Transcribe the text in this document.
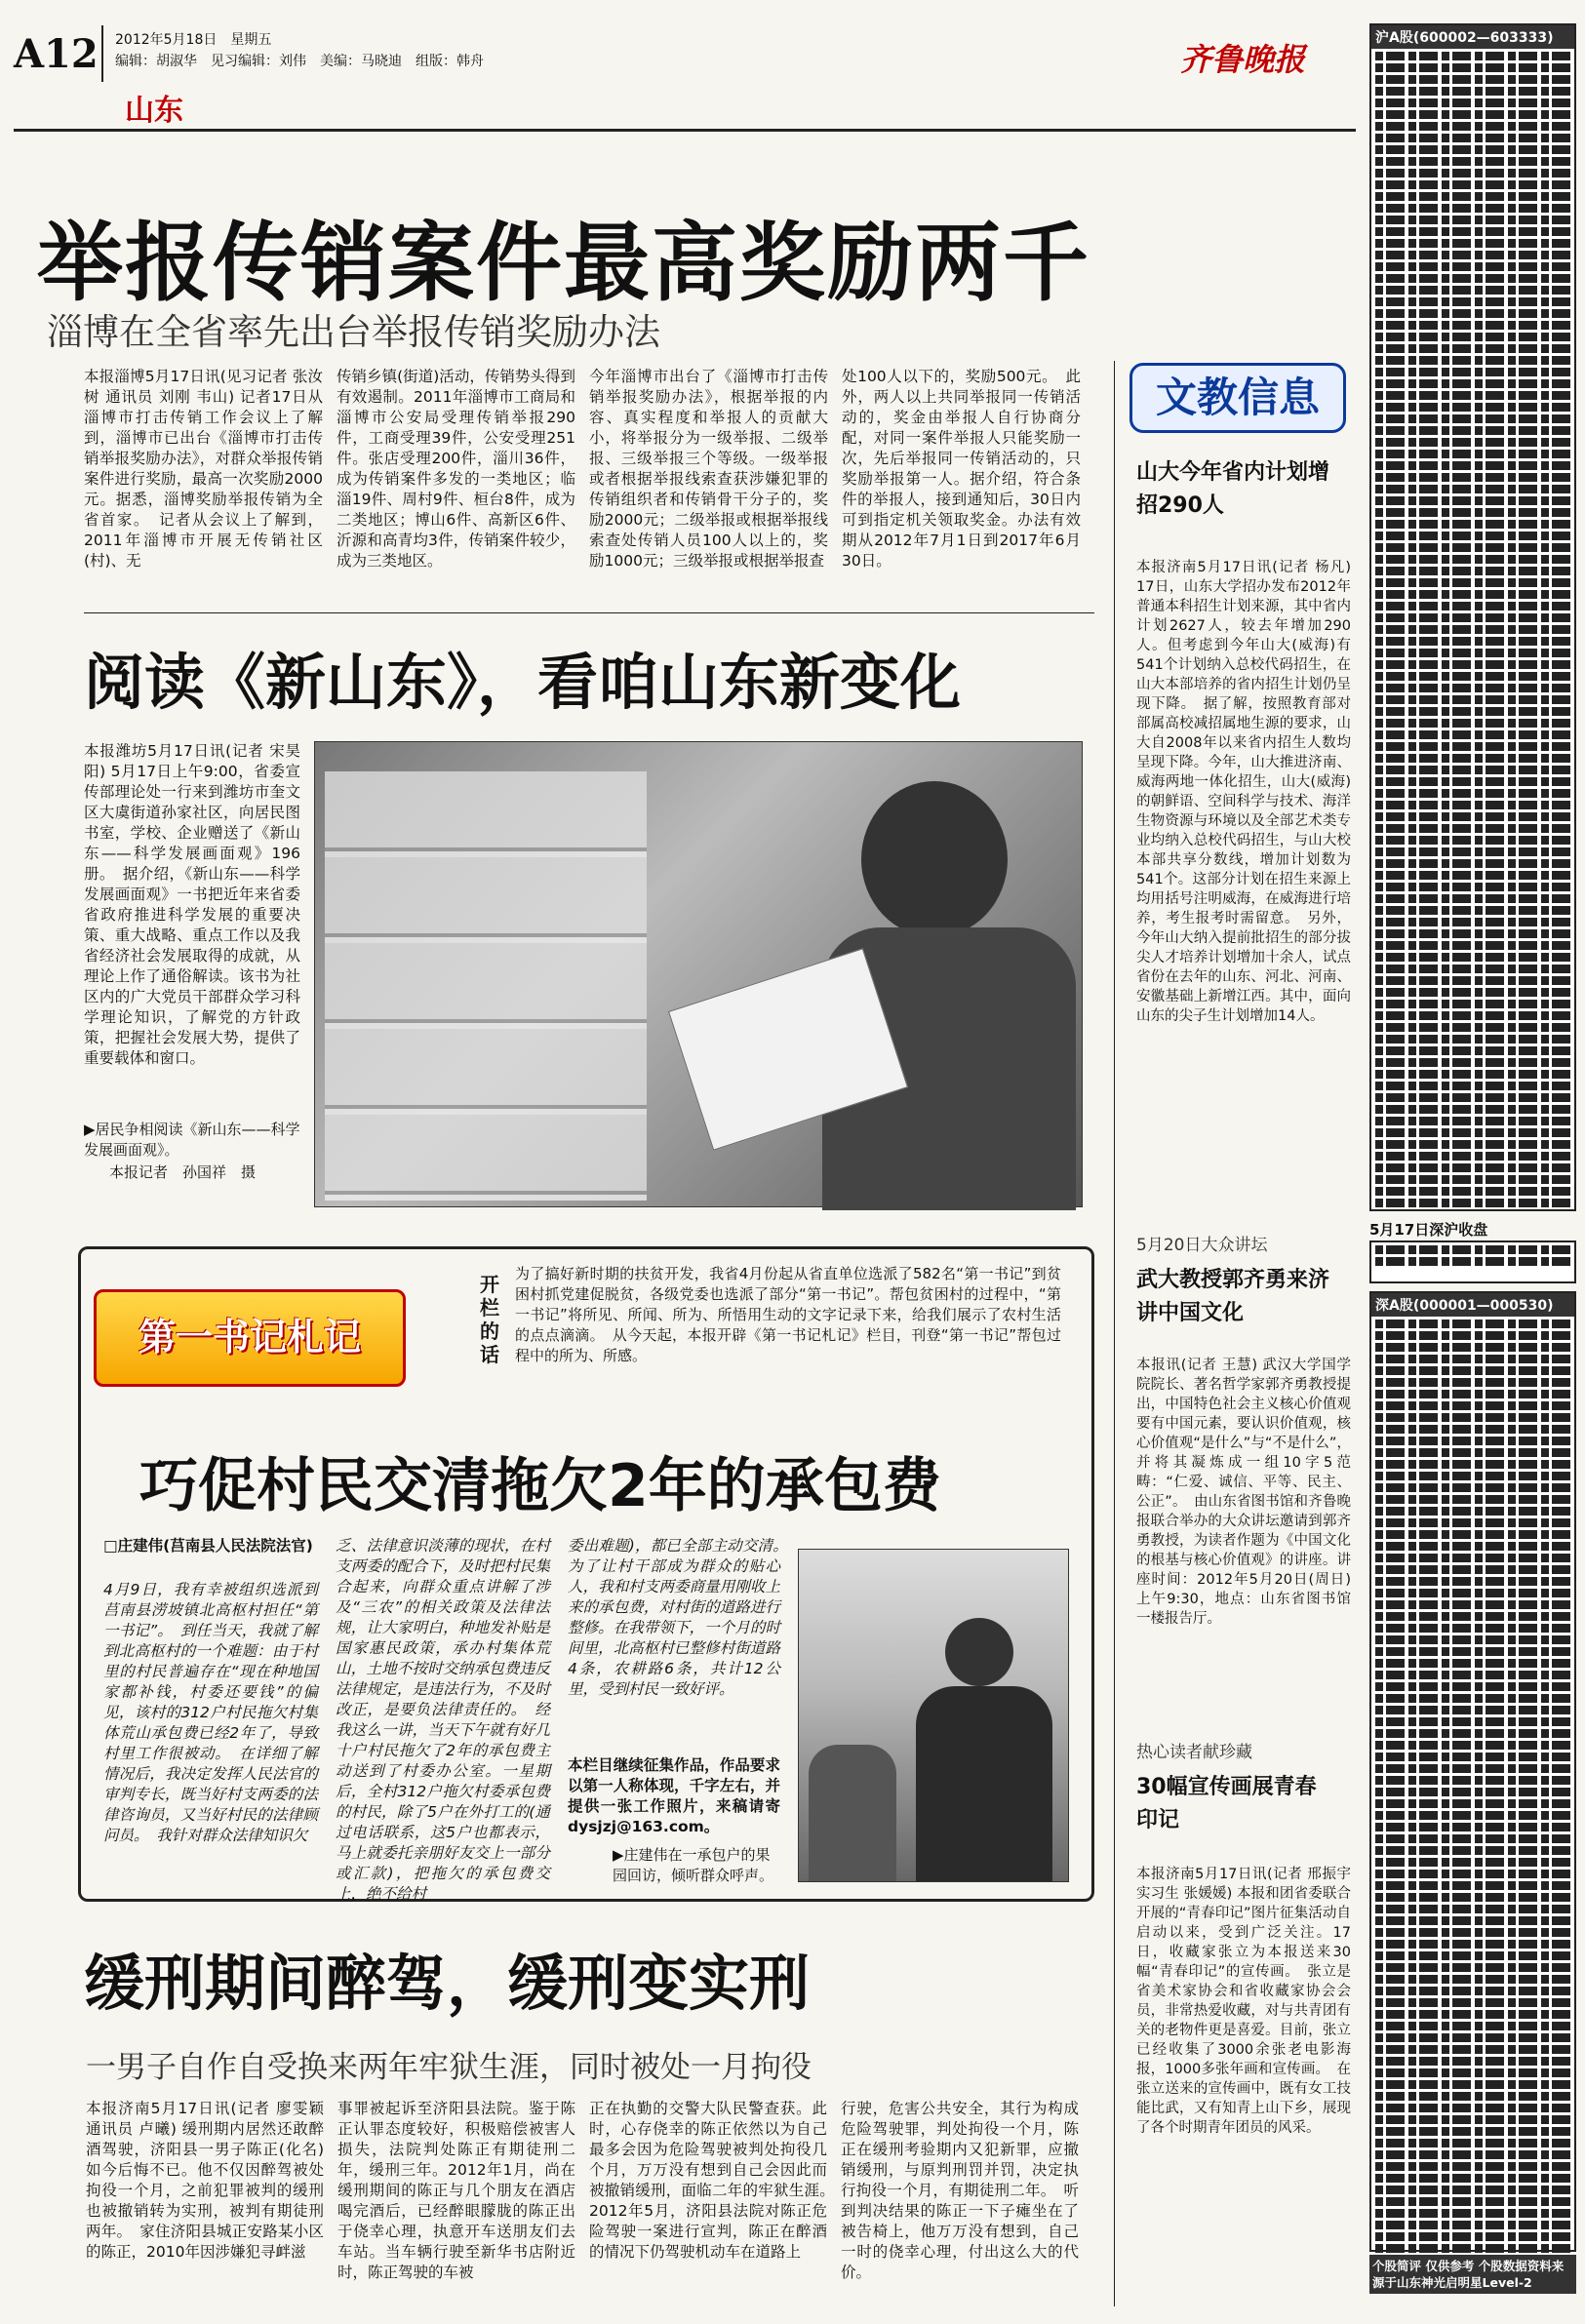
A12 2012年5月18日　星期五
编辑：胡淑华　见习编辑：刘伟　美编：马晓迪　组版：韩舟
山东
齐鲁晚报
举报传销案件最高奖励两千
淄博在全省率先出台举报传销奖励办法
本报淄博5月17日讯(见习记者 张汝树 通讯员 刘刚 韦山) 记者17日从淄博市打击传销工作会议上了解到，淄博市已出台《淄博市打击传销举报奖励办法》，对群众举报传销案件进行奖励，最高一次奖励2000元。据悉，淄博奖励举报传销为全省首家。　记者从会议上了解到，2011年淄博市开展无传销社区(村)、无
传销乡镇(街道)活动，传销势头得到有效遏制。2011年淄博市工商局和淄博市公安局受理传销举报290件，工商受理39件，公安受理251件。张店受理200件，淄川36件，成为传销案件多发的一类地区；临淄19件、周村9件、桓台8件，成为二类地区；博山6件、高新区6件、沂源和高青均3件，传销案件较少，成为三类地区。
今年淄博市出台了《淄博市打击传销举报奖励办法》，根据举报的内容、真实程度和举报人的贡献大小，将举报分为一级举报、二级举报、三级举报三个等级。一级举报或者根据举报线索查获涉嫌犯罪的传销组织者和传销骨干分子的，奖励2000元；二级举报或根据举报线索查处传销人员100人以上的，奖励1000元；三级举报或根据举报查
处100人以下的，奖励500元。　此外，两人以上共同举报同一传销活动的，奖金由举报人自行协商分配，对同一案件举报人只能奖励一次，先后举报同一传销活动的，只奖励举报第一人。据介绍，符合条件的举报人，接到通知后，30日内可到指定机关领取奖金。办法有效期从2012年7月1日到2017年6月30日。
阅读《新山东》，看咱山东新变化
本报潍坊5月17日讯(记者 宋昊阳) 5月17日上午9:00，省委宣传部理论处一行来到潍坊市奎文区大虞街道孙家社区，向居民图书室，学校、企业赠送了《新山东——科学发展画面观》196册。　据介绍，《新山东——科学发展画面观》一书把近年来省委省政府推进科学发展的重要决策、重大战略、重点工作以及我省经济社会发展取得的成就，从理论上作了通俗解读。该书为社区内的广大党员干部群众学习科学理论知识，了解党的方针政策，把握社会发展大势，提供了重要载体和窗口。
▶居民争相阅读《新山东——科学发展画面观》。
本报记者　孙国祥　摄
第一书记札记
开栏的话
为了搞好新时期的扶贫开发，我省4月份起从省直单位选派了582名“第一书记”到贫困村抓党建促脱贫，各级党委也选派了部分“第一书记”。帮包贫困村的过程中，“第一书记”将所见、所闻、所为、所悟用生动的文字记录下来，给我们展示了农村生活的点点滴滴。　从今天起，本报开辟《第一书记札记》栏目，刊登“第一书记”帮包过程中的所为、所感。
巧促村民交清拖欠2年的承包费
□庄建伟(莒南县人民法院法官)
4月9日，我有幸被组织选派到莒南县涝坡镇北高枢村担任“第一书记”。　到任当天，我就了解到北高枢村的一个难题：由于村里的村民普遍存在“现在种地国家都补钱，村委还要钱”的偏见，该村的312户村民拖欠村集体荒山承包费已经2年了，导致村里工作很被动。　在详细了解情况后，我决定发挥人民法官的审判专长，既当好村支两委的法律咨询员，又当好村民的法律顾问员。　我针对群众法律知识欠
乏、法律意识淡薄的现状，在村支两委的配合下，及时把村民集合起来，向群众重点讲解了涉及“三农”的相关政策及法律法规，让大家明白，种地发补贴是国家惠民政策，承办村集体荒山，土地不按时交纳承包费违反法律规定，是违法行为，不及时改正，是要负法律责任的。　经我这么一讲，当天下午就有好几十户村民拖欠了2年的承包费主动送到了村委办公室。一星期后，全村312户拖欠村委承包费的村民，除了5户在外打工的(通过电话联系，这5户也都表示，马上就委托亲朋好友交上一部分或汇款)，把拖欠的承包费交上，绝不给村
委出难题)，都已全部主动交清。　为了让村干部成为群众的贴心人，我和村支两委商量用刚收上来的承包费，对村街的道路进行整修。在我带领下，一个月的时间里，北高枢村已整修村街道路4条，农耕路6条，共计12公里，受到村民一致好评。
本栏目继续征集作品，作品要求以第一人称体现，千字左右，并提供一张工作照片，来稿请寄dysjzj@163.com。
▶庄建伟在一承包户的果园回访，倾听群众呼声。
缓刑期间醉驾，缓刑变实刑
一男子自作自受换来两年牢狱生涯，同时被处一月拘役
本报济南5月17日讯(记者 廖雯颖 通讯员 卢曦) 缓刑期内居然还敢醉酒驾驶，济阳县一男子陈正(化名)如今后悔不已。他不仅因醉驾被处拘役一个月，之前犯罪被判的缓刑也被撤销转为实刑，被判有期徒刑两年。　家住济阳县城正安路某小区的陈正，2010年因涉嫌犯寻衅滋
事罪被起诉至济阳县法院。鉴于陈正认罪态度较好，积极赔偿被害人损失，法院判处陈正有期徒刑二年，缓刑三年。2012年1月，尚在缓刑期间的陈正与几个朋友在酒店喝完酒后，已经醉眼朦胧的陈正出于侥幸心理，执意开车送朋友们去车站。当车辆行驶至新华书店附近时，陈正驾驶的车被
正在执勤的交警大队民警查获。此时，心存侥幸的陈正依然以为自己最多会因为危险驾驶被判处拘役几个月，万万没有想到自己会因此而被撤销缓刑，面临二年的牢狱生涯。　2012年5月，济阳县法院对陈正危险驾驶一案进行宣判，陈正在醉酒的情况下仍驾驶机动车在道路上
行驶，危害公共安全，其行为构成危险驾驶罪，判处拘役一个月，陈正在缓刑考验期内又犯新罪，应撤销缓刑，与原判刑罚并罚，决定执行拘役一个月，有期徒刑二年。　听到判决结果的陈正一下子瘫坐在了被告椅上，他万万没有想到，自己一时的侥幸心理，付出这么大的代价。
文教信息
山大今年省内计划增招290人
本报济南5月17日讯(记者 杨凡) 17日，山东大学招办发布2012年普通本科招生计划来源，其中省内计划2627人，较去年增加290人。但考虑到今年山大(威海)有541个计划纳入总校代码招生，在山大本部培养的省内招生计划仍呈现下降。　据了解，按照教育部对部属高校减招属地生源的要求，山大自2008年以来省内招生人数均呈现下降。今年，山大推进济南、威海两地一体化招生，山大(威海)的朝鲜语、空间科学与技术、海洋生物资源与环境以及全部艺术类专业均纳入总校代码招生，与山大校本部共享分数线，增加计划数为541个。这部分计划在招生来源上均用括号注明威海，在威海进行培养，考生报考时需留意。　另外，今年山大纳入提前批招生的部分拔尖人才培养计划增加十余人，试点省份在去年的山东、河北、河南、安徽基础上新增江西。其中，面向山东的尖子生计划增加14人。
5月20日大众讲坛
武大教授郭齐勇来济讲中国文化
本报讯(记者 王慧) 武汉大学国学院院长、著名哲学家郭齐勇教授提出，中国特色社会主义核心价值观要有中国元素，要认识价值观，核心价值观“是什么”与“不是什么”，并将其凝炼成一组10字5范畴：“仁爱、诚信、平等、民主、公正”。　由山东省图书馆和齐鲁晚报联合举办的大众讲坛邀请到郭齐勇教授，为读者作题为《中国文化的根基与核心价值观》的讲座。讲座时间：2012年5月20日(周日)上午9:30，地点：山东省图书馆一楼报告厅。
热心读者献珍藏
30幅宣传画展青春印记
本报济南5月17日讯(记者 邢振宇 实习生 张媛媛) 本报和团省委联合开展的“青春印记”图片征集活动自启动以来，受到广泛关注。17日，收藏家张立为本报送来30幅“青春印记”的宣传画。　张立是省美术家协会和省收藏家协会会员，非常热爱收藏，对与共青团有关的老物件更是喜爱。目前，张立已经收集了3000余张老电影海报，1000多张年画和宣传画。　在张立送来的宣传画中，既有女工技能比武，又有知青上山下乡，展现了各个时期青年团员的风采。
沪A股(600002—603333)
5月17日深沪收盘
深A股(000001—000530)
个股简评 仅供参考 个股数据资料来源于山东神光启明星Level-2
